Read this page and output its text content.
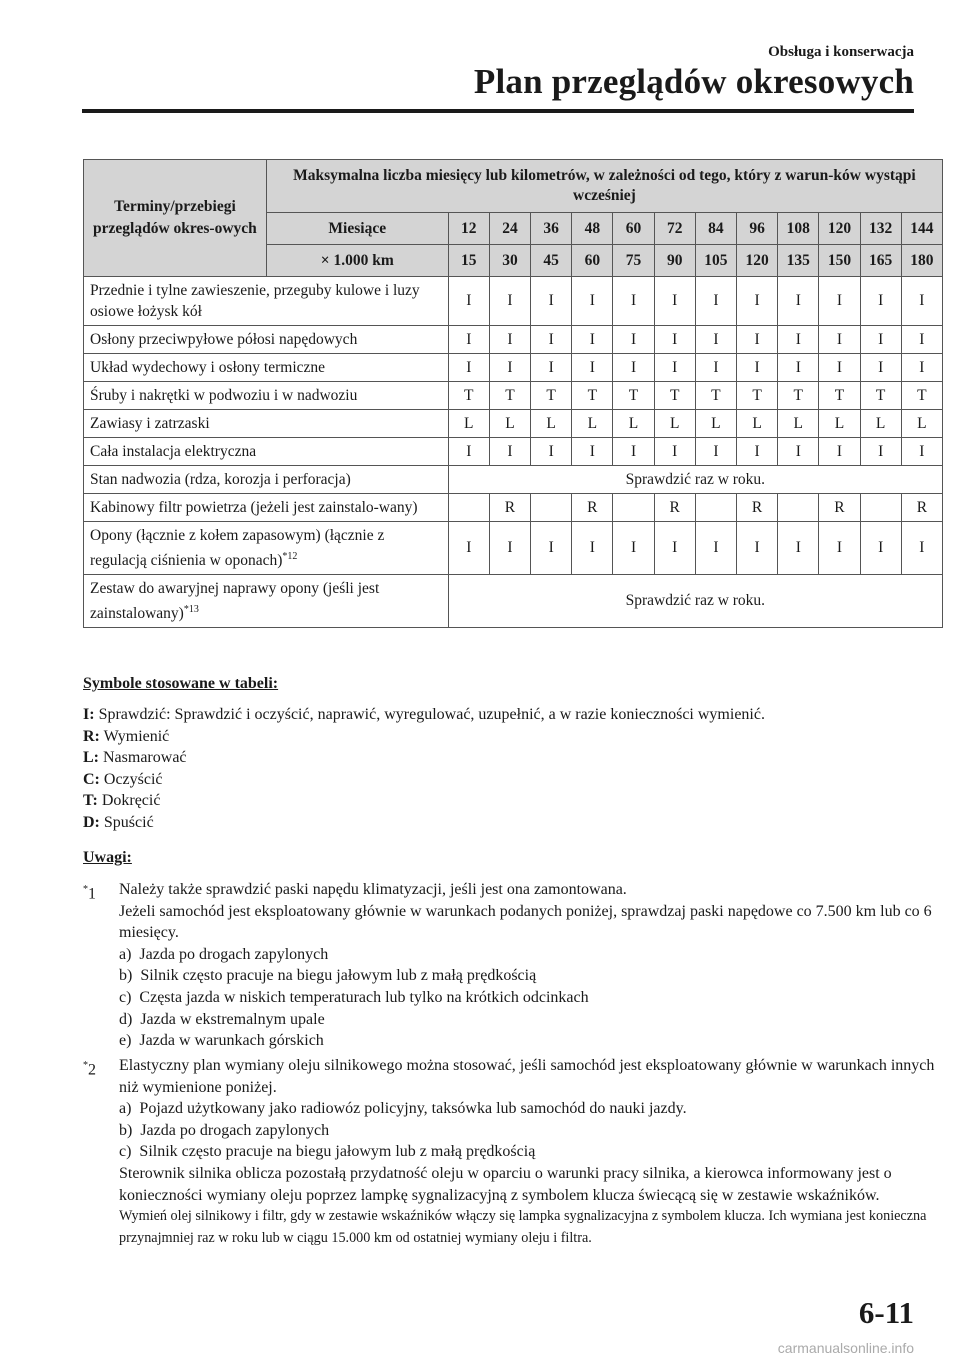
Obsługa i konserwacja
Plan przeglądów okresowych
Terminy/przebiegi przeglądów okres-owych	Maksymalna liczba miesięcy lub kilometrów, w zależności od tego, który z warun-ków wystąpi wcześniej												
	Miesiące	12	24	36	48	60	72	84	96	108	120	132	144
	× 1.000 km	15	30	45	60	75	90	105	120	135	150	165	180
Przednie i tylne zawieszenie, przeguby kulowe i luzy osiowe łożysk kół		I	I	I	I	I	I	I	I	I	I	I	I
Osłony przeciwpyłowe półosi napędowych		I	I	I	I	I	I	I	I	I	I	I	I
Układ wydechowy i osłony termiczne		I	I	I	I	I	I	I	I	I	I	I	I
Śruby i nakrętki w podwoziu i w nadwoziu		T	T	T	T	T	T	T	T	T	T	T	T
Zawiasy i zatrzaski		L	L	L	L	L	L	L	L	L	L	L	L
Cała instalacja elektryczna		I	I	I	I	I	I	I	I	I	I	I	I
Stan nadwozia (rdza, korozja i perforacja)		Sprawdzić raz w roku.											
Kabinowy filtr powietrza (jeżeli jest zainstalo-wany)			R		R		R		R		R		R
Opony (łącznie z kołem zapasowym) (łącznie z regulacją ciśnienia w oponach)$^{*12}$		I	I	I	I	I	I	I	I	I	I	I	I
Zestaw do awaryjnej naprawy opony (jeśli jest zainstalowany)$^{*13}$		Sprawdzić raz w roku.											
Symbole stosowane w tabeli:
I: Sprawdzić: Sprawdzić i oczyścić, naprawić, wyregulować, uzupełnić, a w razie konieczności wymienić.
R: Wymienić
L: Nasmarować
C: Oczyścić
T: Dokręcić
D: Spuścić
Uwagi:
*1 Należy także sprawdzić paski napędu klimatyzacji, jeśli jest ona zamontowana.
Jeżeli samochód jest eksploatowany głównie w warunkach podanych poniżej, sprawdzaj paski napędowe co 7.500 km lub co 6 miesięcy.
a)  Jazda po drogach zapylonych
b)  Silnik często pracuje na biegu jałowym lub z małą prędkością
c)  Częsta jazda w niskich temperaturach lub tylko na krótkich odcinkach
d)  Jazda w ekstremalnym upale
e)  Jazda w warunkach górskich
*2 Elastyczny plan wymiany oleju silnikowego można stosować, jeśli samochód jest eksploatowany głównie w warunkach innych niż wymienione poniżej.
a)  Pojazd użytkowany jako radiowóz policyjny, taksówka lub samochód do nauki jazdy.
b)  Jazda po drogach zapylonych
c)  Silnik często pracuje na biegu jałowym lub z małą prędkością
Sterownik silnika oblicza pozostałą przydatność oleju w oparciu o warunki pracy silnika, a kierowca informowany jest o konieczności wymiany oleju poprzez lampkę sygnalizacyjną z symbolem klucza świecącą się w zestawie wskaźników.
Wymień olej silnikowy i filtr, gdy w zestawie wskaźników włączy się lampka sygnalizacyjna z symbolem klucza. Ich wymiana jest konieczna przynajmniej raz w roku lub w ciągu 15.000 km od ostatniej wymiany oleju i filtra.
6-11
carmanualsonline.info
